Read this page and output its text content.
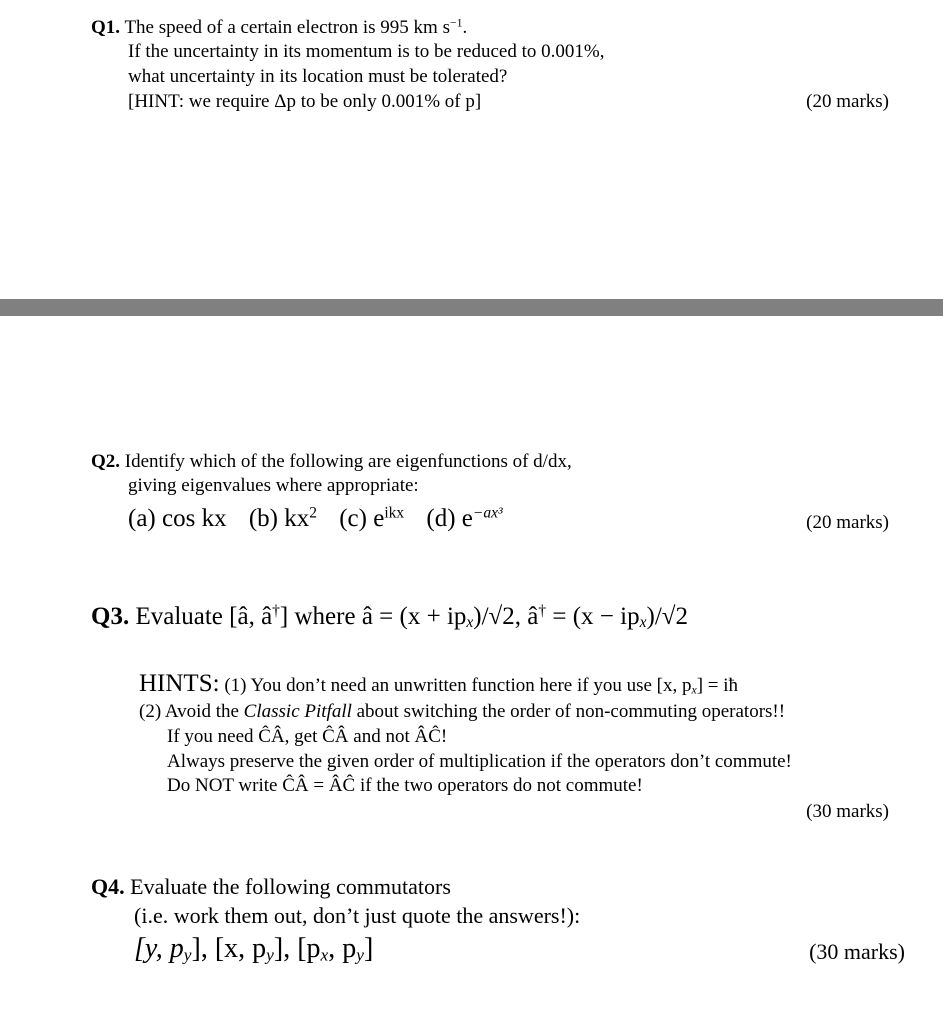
Q1. The speed of a certain electron is 995 km $s^{-1}$.
If the uncertainty in its momentum is to be reduced to 0.001%,
what uncertainty in its location must be tolerated?
[HINT: we require Δp to be only 0.001% of p]	(20 marks)
Q2. Identify which of the following are eigenfunctions of d/dx,
giving eigenvalues where appropriate:
(a) cos kx (b) $kx^2$ (c) $e^{ikx}$ (d) $e^{-ax^3}$	(20 marks)
Q3. Evaluate [â, â†] where â = $(x + ip_x)/√2$, â† = $(x - ip_x)/√2$
HINTS: (1) You don’t need an unwritten function here if you use [x, $p_x$] = iħ
(2) Avoid the Classic Pitfall about switching the order of non-commuting operators!!
If you need ĈÂ, get ĈÂ and not ÂĈ!
Always preserve the given order of multiplication if the operators don’t commute!
Do NOT write ĈÂ = ÂĈ if the two operators do not commute!
(30 marks)
Q4. Evaluate the following commutators
(i.e. work them out, don’t just quote the answers!):
[y, $p_y$], [x, $p_y$], [$p_x$, $p_y$]	(30 marks)
